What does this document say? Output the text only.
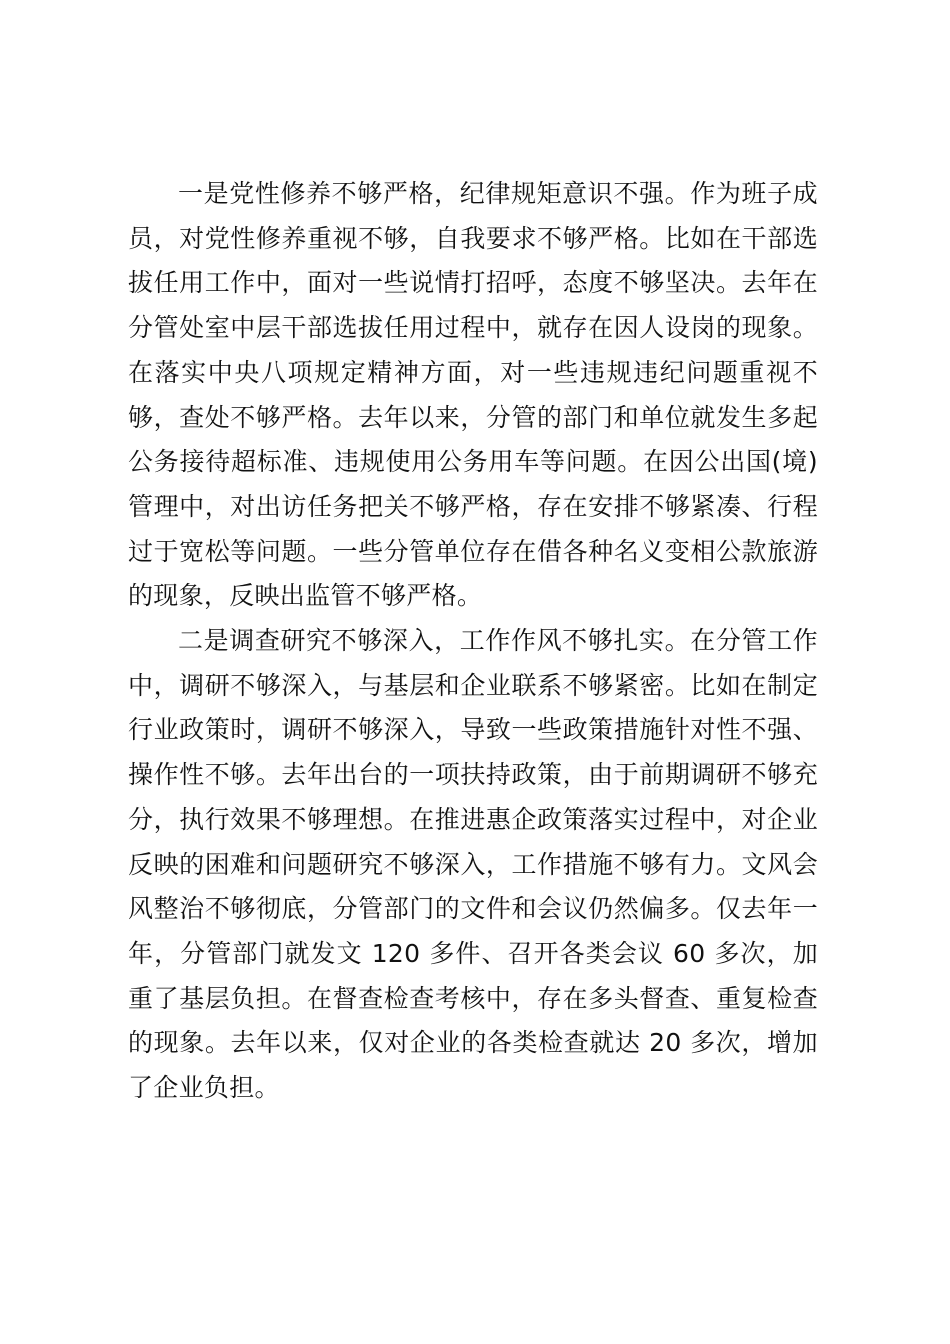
一是党性修养不够严格，纪律规矩意识不强。作为班子成员，对党性修养重视不够，自我要求不够严格。比如在干部选拔任用工作中，面对一些说情打招呼，态度不够坚决。去年在分管处室中层干部选拔任用过程中，就存在因人设岗的现象。在落实中央八项规定精神方面，对一些违规违纪问题重视不够，查处不够严格。去年以来，分管的部门和单位就发生多起公务接待超标准、违规使用公务用车等问题。在因公出国(境)管理中，对出访任务把关不够严格，存在安排不够紧凑、行程过于宽松等问题。一些分管单位存在借各种名义变相公款旅游的现象，反映出监管不够严格。

二是调查研究不够深入，工作作风不够扎实。在分管工作中，调研不够深入，与基层和企业联系不够紧密。比如在制定行业政策时，调研不够深入，导致一些政策措施针对性不强、操作性不够。去年出台的一项扶持政策，由于前期调研不够充分，执行效果不够理想。在推进惠企政策落实过程中，对企业反映的困难和问题研究不够深入，工作措施不够有力。文风会风整治不够彻底，分管部门的文件和会议仍然偏多。仅去年一年，分管部门就发文 120 多件、召开各类会议 60 多次，加重了基层负担。在督查检查考核中，存在多头督查、重复检查的现象。去年以来，仅对企业的各类检查就达 20 多次，增加了企业负担。
